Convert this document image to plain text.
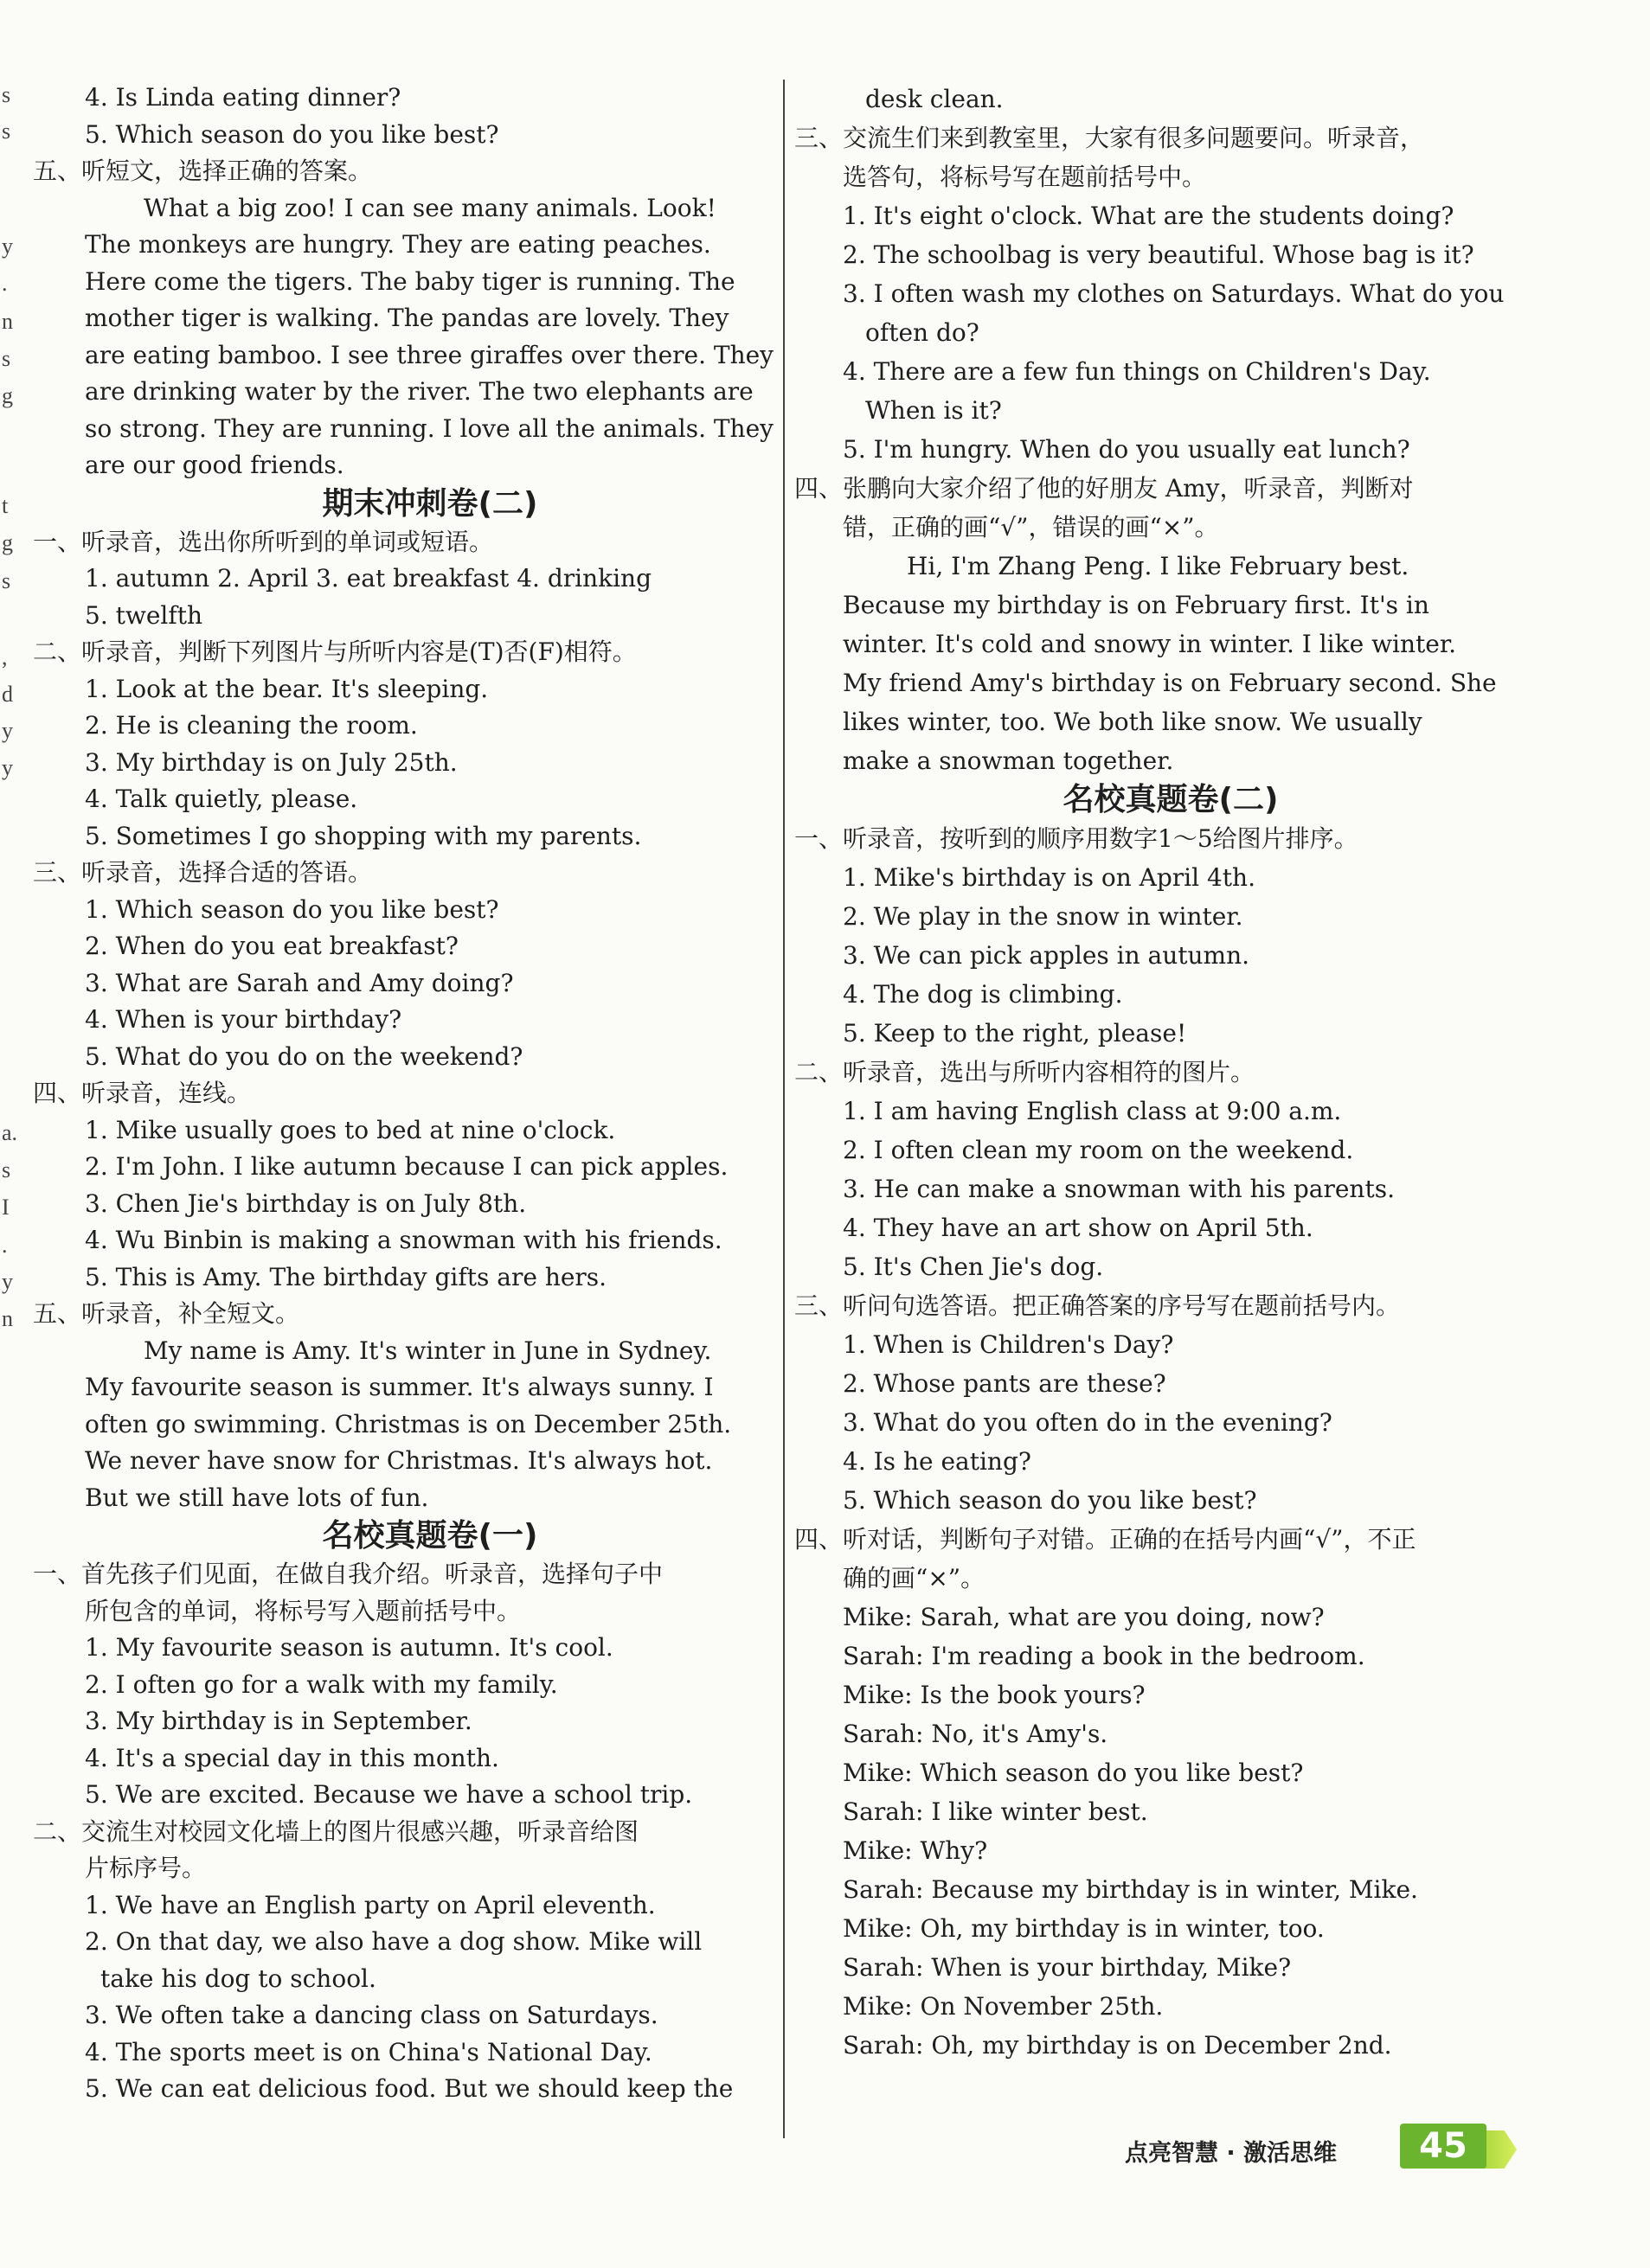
s
s
y
.
n
s
g
t
g
s
,
d
y
y
a.
s
I
.
y
n
4. Is Linda eating dinner?
5. Which season do you like best?
五、听短文，选择正确的答案。
What a big zoo! I can see many animals. Look!
The monkeys are hungry. They are eating peaches.
Here come the tigers. The baby tiger is running. The
mother tiger is walking. The pandas are lovely. They
are eating bamboo. I see three giraffes over there. They
are drinking water by the river. The two elephants are
so strong. They are running. I love all the animals. They
are our good friends.
期末冲刺卷(二)
一、听录音，选出你所听到的单词或短语。
1. autumn 2. April 3. eat breakfast 4. drinking
5. twelfth
二、听录音，判断下列图片与所听内容是(T)否(F)相符。
1. Look at the bear. It's sleeping.
2. He is cleaning the room.
3. My birthday is on July 25th.
4. Talk quietly, please.
5. Sometimes I go shopping with my parents.
三、听录音，选择合适的答语。
1. Which season do you like best?
2. When do you eat breakfast?
3. What are Sarah and Amy doing?
4. When is your birthday?
5. What do you do on the weekend?
四、听录音，连线。
1. Mike usually goes to bed at nine o'clock.
2. I'm John. I like autumn because I can pick apples.
3. Chen Jie's birthday is on July 8th.
4. Wu Binbin is making a snowman with his friends.
5. This is Amy. The birthday gifts are hers.
五、听录音，补全短文。
My name is Amy. It's winter in June in Sydney.
My favourite season is summer. It's always sunny. I
often go swimming. Christmas is on December 25th.
We never have snow for Christmas. It's always hot.
But we still have lots of fun.
名校真题卷(一)
一、首先孩子们见面，在做自我介绍。听录音，选择句子中
所包含的单词，将标号写入题前括号中。
1. My favourite season is autumn. It's cool.
2. I often go for a walk with my family.
3. My birthday is in September.
4. It's a special day in this month.
5. We are excited. Because we have a school trip.
二、交流生对校园文化墙上的图片很感兴趣，听录音给图
片标序号。
1. We have an English party on April eleventh.
2. On that day, we also have a dog show. Mike will
take his dog to school.
3. We often take a dancing class on Saturdays.
4. The sports meet is on China's National Day.
5. We can eat delicious food. But we should keep the
desk clean.
三、交流生们来到教室里，大家有很多问题要问。听录音，
选答句，将标号写在题前括号中。
1. It's eight o'clock. What are the students doing?
2. The schoolbag is very beautiful. Whose bag is it?
3. I often wash my clothes on Saturdays. What do you
often do?
4. There are a few fun things on Children's Day.
When is it?
5. I'm hungry. When do you usually eat lunch?
四、张鹏向大家介绍了他的好朋友 Amy，听录音，判断对
错，正确的画“√”，错误的画“×”。
Hi, I'm Zhang Peng. I like February best.
Because my birthday is on February first. It's in
winter. It's cold and snowy in winter. I like winter.
My friend Amy's birthday is on February second. She
likes winter, too. We both like snow. We usually
make a snowman together.
名校真题卷(二)
一、听录音，按听到的顺序用数字1～5给图片排序。
1. Mike's birthday is on April 4th.
2. We play in the snow in winter.
3. We can pick apples in autumn.
4. The dog is climbing.
5. Keep to the right, please!
二、听录音，选出与所听内容相符的图片。
1. I am having English class at 9:00 a.m.
2. I often clean my room on the weekend.
3. He can make a snowman with his parents.
4. They have an art show on April 5th.
5. It's Chen Jie's dog.
三、听问句选答语。把正确答案的序号写在题前括号内。
1. When is Children's Day?
2. Whose pants are these?
3. What do you often do in the evening?
4. Is he eating?
5. Which season do you like best?
四、听对话，判断句子对错。正确的在括号内画“√”，不正
确的画“×”。
Mike: Sarah, what are you doing, now?
Sarah: I'm reading a book in the bedroom.
Mike: Is the book yours?
Sarah: No, it's Amy's.
Mike: Which season do you like best?
Sarah: I like winter best.
Mike: Why?
Sarah: Because my birthday is in winter, Mike.
Mike: Oh, my birthday is in winter, too.
Sarah: When is your birthday, Mike?
Mike: On November 25th.
Sarah: Oh, my birthday is on December 2nd.
点亮智慧 · 激活思维	45
